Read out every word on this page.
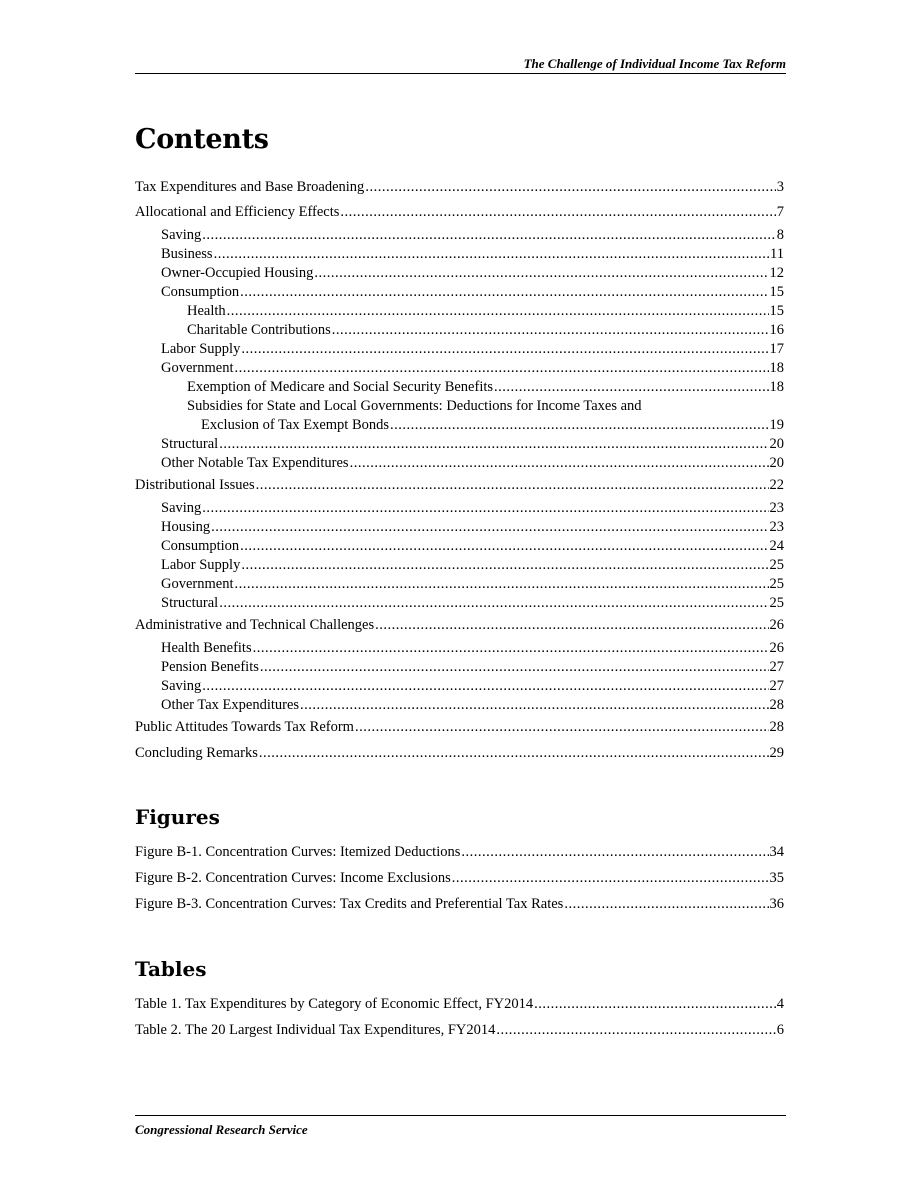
The Challenge of Individual Income Tax Reform
Contents
Tax Expenditures and Base Broadening .....	3
Allocational and Efficiency Effects .....	7
Saving .....	8
Business .....	11
Owner-Occupied Housing .....	12
Consumption .....	15
Health .....	15
Charitable Contributions .....	16
Labor Supply .....	17
Government .....	18
Exemption of Medicare and Social Security Benefits .....	18
Subsidies for State and Local Governments: Deductions for Income Taxes and
Exclusion of Tax Exempt Bonds .....	19
Structural .....	20
Other Notable Tax Expenditures .....	20
Distributional Issues .....	22
Saving .....	23
Housing .....	23
Consumption .....	24
Labor Supply .....	25
Government .....	25
Structural .....	25
Administrative and Technical Challenges .....	26
Health Benefits .....	26
Pension Benefits .....	27
Saving .....	27
Other Tax Expenditures .....	28
Public Attitudes Towards Tax Reform .....	28
Concluding Remarks .....	29
Figures
Figure B-1. Concentration Curves: Itemized Deductions .....	34
Figure B-2. Concentration Curves: Income Exclusions .....	35
Figure B-3. Concentration Curves: Tax Credits and Preferential Tax Rates .....	36
Tables
Table 1. Tax Expenditures by Category of Economic Effect, FY2014 .....	4
Table 2. The 20 Largest Individual Tax Expenditures, FY2014 .....	6
Congressional Research Service
